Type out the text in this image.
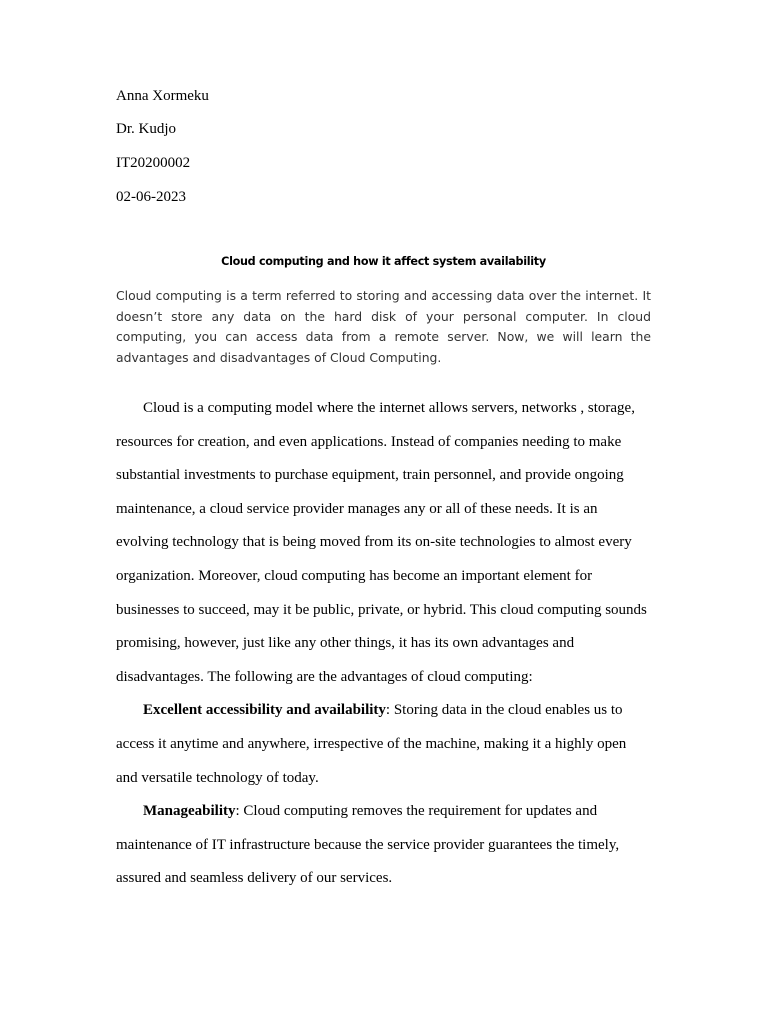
Anna Xormeku
Dr. Kudjo
IT20200002
02-06-2023
Cloud computing and how it affect system availability
Cloud computing is a term referred to storing and accessing data over the internet. It doesn’t store any data on the hard disk of your personal computer. In cloud computing, you can access data from a remote server. Now, we will learn the advantages and disadvantages of Cloud Computing.

Cloud is a computing model where the internet allows servers, networks , storage, resources for creation, and even applications. Instead of companies needing to make substantial investments to purchase equipment, train personnel, and provide ongoing maintenance, a cloud service provider manages any or all of these needs. It is an evolving technology that is being moved from its on-site technologies to almost every organization. Moreover, cloud computing has become an important element for businesses to succeed, may it be public, private, or hybrid. This cloud computing sounds promising, however, just like any other things, it has its own advantages and disadvantages. The following are the advantages of cloud computing:

Excellent accessibility and availability: Storing data in the cloud enables us to access it anytime and anywhere, irrespective of the machine, making it a highly open and versatile technology of today.

Manageability: Cloud computing removes the requirement for updates and maintenance of IT infrastructure because the service provider guarantees the timely, assured and seamless delivery of our services.
